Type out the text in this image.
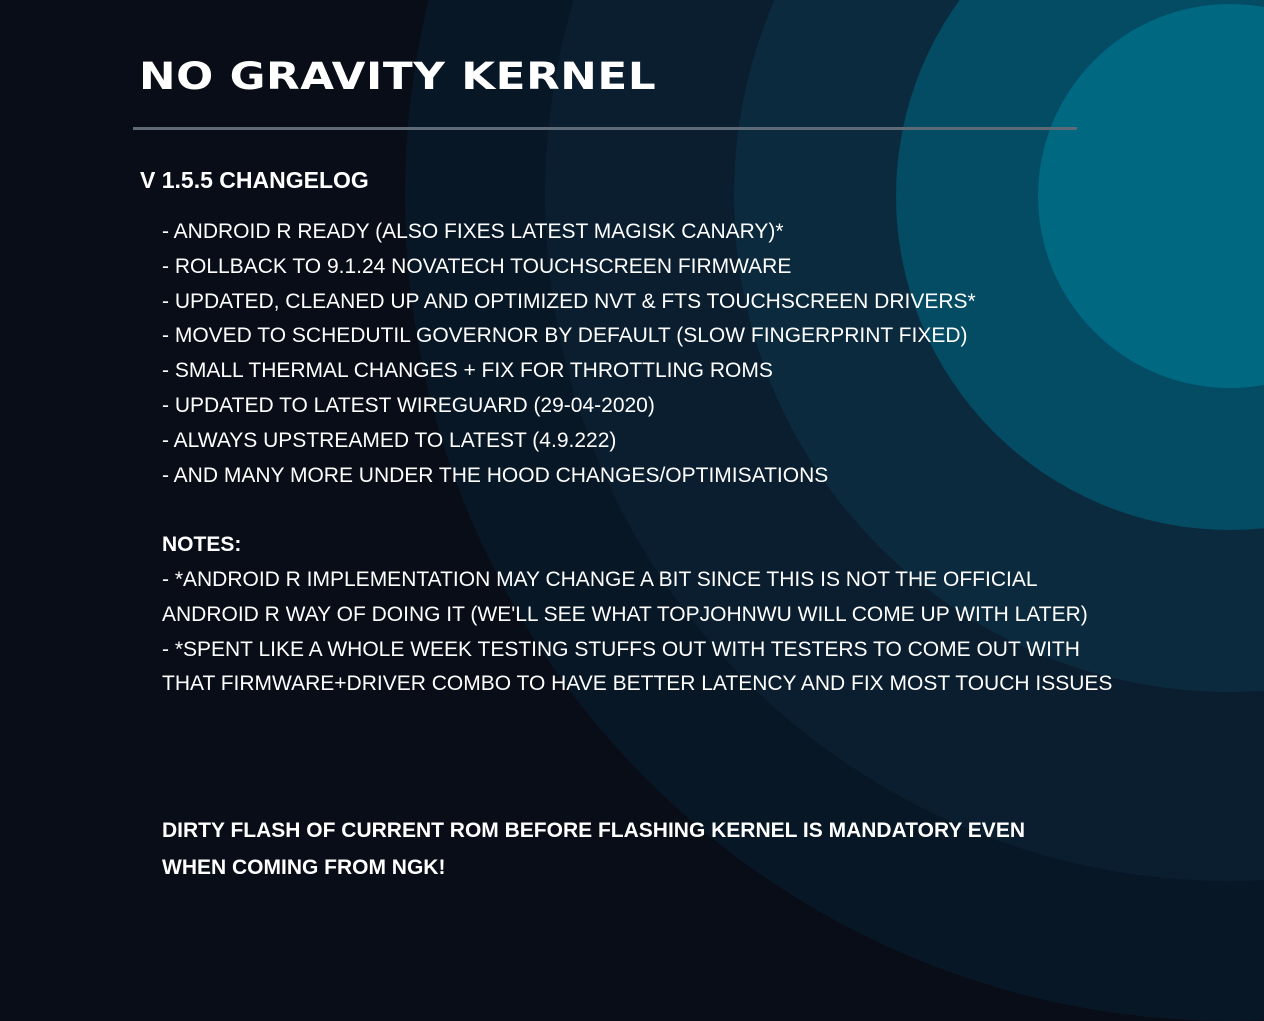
NO GRAVITY KERNEL
V 1.5.5 CHANGELOG
- ANDROID R READY (ALSO FIXES LATEST MAGISK CANARY)*
- ROLLBACK TO 9.1.24 NOVATECH TOUCHSCREEN FIRMWARE
- UPDATED, CLEANED UP AND OPTIMIZED NVT & FTS TOUCHSCREEN DRIVERS*
- MOVED TO SCHEDUTIL GOVERNOR BY DEFAULT (SLOW FINGERPRINT FIXED)
- SMALL THERMAL CHANGES + FIX FOR THROTTLING ROMS
- UPDATED TO LATEST WIREGUARD (29-04-2020)
- ALWAYS UPSTREAMED TO LATEST (4.9.222)
- AND MANY MORE UNDER THE HOOD CHANGES/OPTIMISATIONS
NOTES:
- *ANDROID R IMPLEMENTATION MAY CHANGE A BIT SINCE THIS IS NOT THE OFFICIAL ANDROID R WAY OF DOING IT (WE'LL SEE WHAT TOPJOHNWU WILL COME UP WITH LATER)
- *SPENT LIKE A WHOLE WEEK TESTING STUFFS OUT WITH TESTERS TO COME OUT WITH THAT FIRMWARE+DRIVER COMBO TO HAVE BETTER LATENCY AND FIX MOST TOUCH ISSUES

DIRTY FLASH OF CURRENT ROM BEFORE FLASHING KERNEL IS MANDATORY EVEN WHEN COMING FROM NGK!
